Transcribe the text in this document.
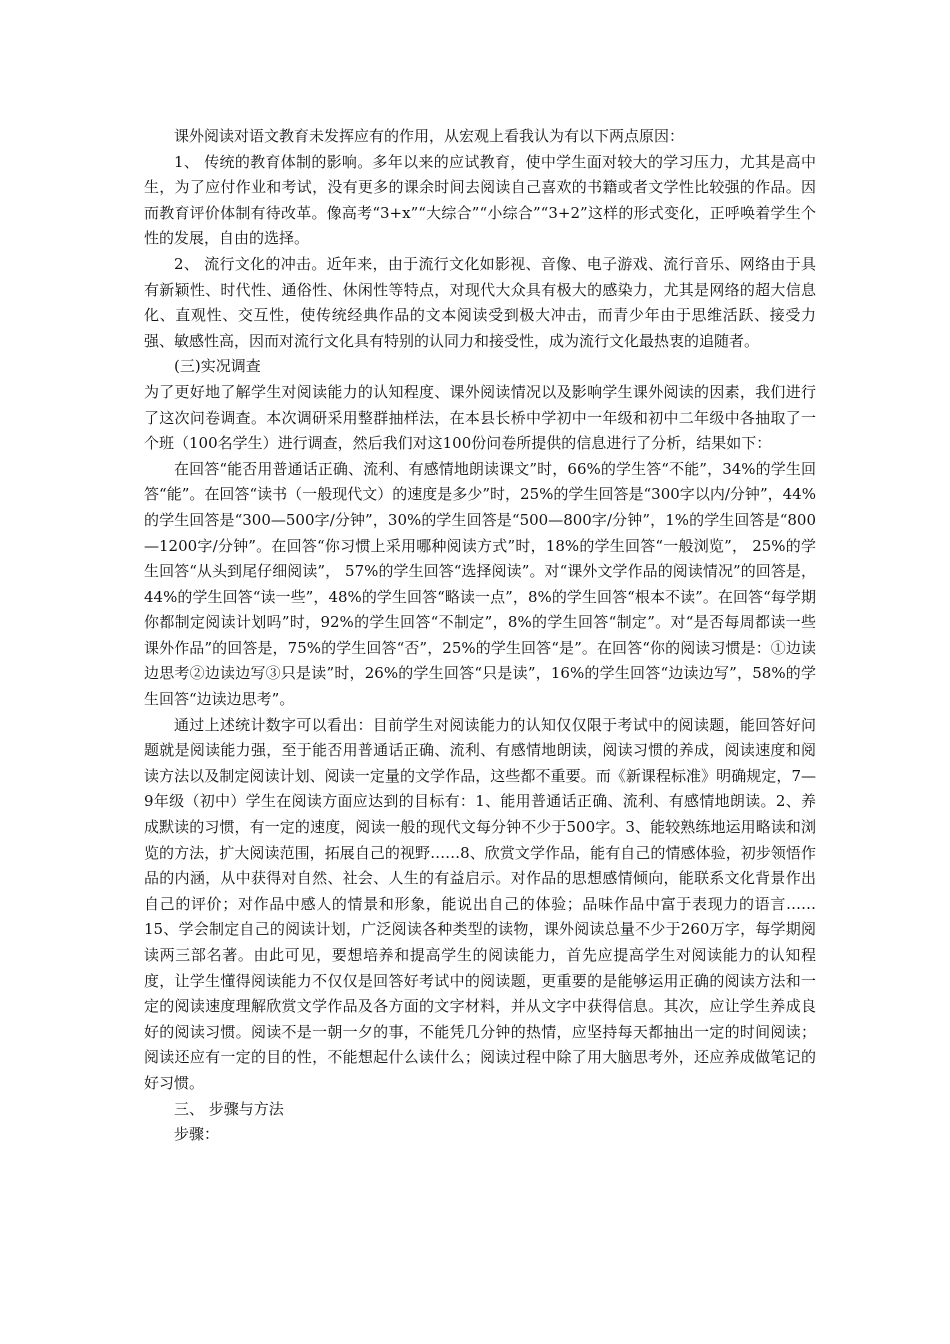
课外阅读对语文教育未发挥应有的作用，从宏观上看我认为有以下两点原因：

1、 传统的教育体制的影响。多年以来的应试教育，使中学生面对较大的学习压力，尤其是高中生，为了应付作业和考试，没有更多的课余时间去阅读自己喜欢的书籍或者文学性比较强的作品。因而教育评价体制有待改革。像高考“3+x”“大综合”“小综合”“3+2”这样的形式变化，正呼唤着学生个性的发展，自由的选择。

2、 流行文化的冲击。近年来，由于流行文化如影视、音像、电子游戏、流行音乐、网络由于具有新颖性、时代性、通俗性、休闲性等特点，对现代大众具有极大的感染力，尤其是网络的超大信息化、直观性、交互性，使传统经典作品的文本阅读受到极大冲击，而青少年由于思维活跃、接受力强、敏感性高，因而对流行文化具有特别的认同力和接受性，成为流行文化最热衷的追随者。

(三)实况调查

为了更好地了解学生对阅读能力的认知程度、课外阅读情况以及影响学生课外阅读的因素，我们进行了这次问卷调查。本次调研采用整群抽样法，在本县长桥中学初中一年级和初中二年级中各抽取了一个班（100名学生）进行调查，然后我们对这100份问卷所提供的信息进行了分析，结果如下：

在回答“能否用普通话正确、流利、有感情地朗读课文”时，66%的学生答“不能”，34%的学生回答“能”。在回答“读书（一般现代文）的速度是多少”时，25%的学生回答是“300字以内/分钟”，44%的学生回答是“300—500字/分钟”，30%的学生回答是“500—800字/分钟”，1%的学生回答是“800—1200字/分钟”。在回答“你习惯上采用哪种阅读方式”时，18%的学生回答“一般浏览”， 25%的学生回答“从头到尾仔细阅读”， 57%的学生回答“选择阅读”。对“课外文学作品的阅读情况”的回答是，44%的学生回答“读一些”，48%的学生回答“略读一点”，8%的学生回答“根本不读”。在回答“每学期你都制定阅读计划吗”时，92%的学生回答“不制定”，8%的学生回答“制定”。对“是否每周都读一些课外作品”的回答是，75%的学生回答“否”，25%的学生回答“是”。在回答“你的阅读习惯是：①边读边思考②边读边写③只是读”时，26%的学生回答“只是读”，16%的学生回答“边读边写”，58%的学生回答“边读边思考”。

通过上述统计数字可以看出：目前学生对阅读能力的认知仅仅限于考试中的阅读题，能回答好问题就是阅读能力强，至于能否用普通话正确、流利、有感情地朗读，阅读习惯的养成，阅读速度和阅读方法以及制定阅读计划、阅读一定量的文学作品，这些都不重要。而《新课程标准》明确规定，7—9年级（初中）学生在阅读方面应达到的目标有：1、能用普通话正确、流利、有感情地朗读。2、养成默读的习惯，有一定的速度，阅读一般的现代文每分钟不少于500字。3、能较熟练地运用略读和浏览的方法，扩大阅读范围，拓展自己的视野……8、欣赏文学作品，能有自己的情感体验，初步领悟作品的内涵，从中获得对自然、社会、人生的有益启示。对作品的思想感情倾向，能联系文化背景作出自己的评价；对作品中感人的情景和形象，能说出自己的体验；品味作品中富于表现力的语言……15、学会制定自己的阅读计划，广泛阅读各种类型的读物，课外阅读总量不少于260万字，每学期阅读两三部名著。由此可见，要想培养和提高学生的阅读能力，首先应提高学生对阅读能力的认知程度，让学生懂得阅读能力不仅仅是回答好考试中的阅读题，更重要的是能够运用正确的阅读方法和一定的阅读速度理解欣赏文学作品及各方面的文字材料，并从文字中获得信息。其次，应让学生养成良好的阅读习惯。阅读不是一朝一夕的事，不能凭几分钟的热情，应坚持每天都抽出一定的时间阅读；阅读还应有一定的目的性，不能想起什么读什么；阅读过程中除了用大脑思考外，还应养成做笔记的好习惯。

三、 步骤与方法

步骤：
